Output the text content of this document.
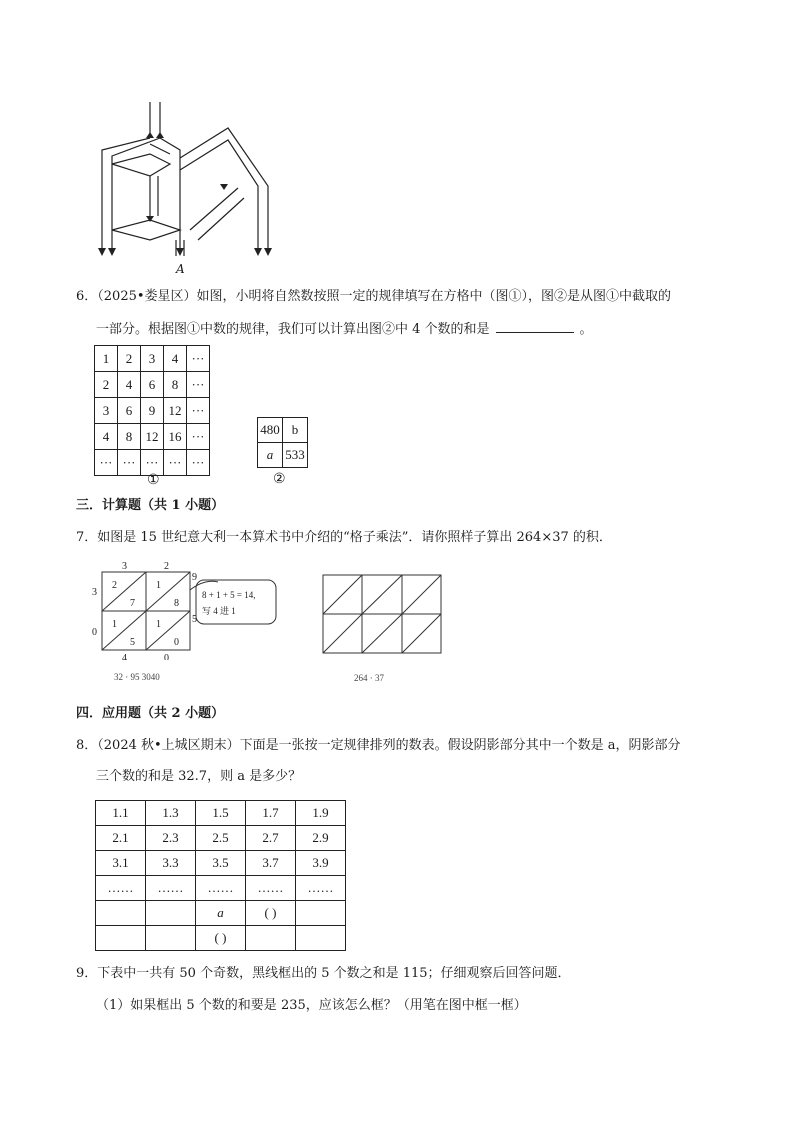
A
6．（2025•娄星区）如图，小明将自然数按照一定的规律填写在方格中（图①），图②是从图①中截取的
一部分。根据图①中数的规律，我们可以计算出图②中 4 个数的和是	。
1	2	3	4	···
2	4	6	8	···
3	6	9	12	···
4	8	12	16	···
···	···	···	···	···
①
480	b
a	533
②
三．计算题（共 1 小题）
7．如图是 15 世纪意大利一本算术书中介绍的“格子乘法”．请你照样子算出 264×37 的积．
3	2
3
0
9
5
4	0
2
7
1
8
1
5
1
0
8 + 1 + 5 = 14,
写 4 进 1
32 · 95 3040	264 · 37
四．应用题（共 2 小题）
8．（2024 秋•上城区期末）下面是一张按一定规律排列的数表。假设阴影部分其中一个数是 a，阴影部分
三个数的和是 32.7，则 a 是多少？
1.1	1.3	1.5	1.7	1.9
2.1	2.3	2.5	2.7	2.9
3.1	3.3	3.5	3.7	3.9
……	……	……	……	……
		a	( )	
		( )		
9．下表中一共有 50 个奇数，黑线框出的 5 个数之和是 115；仔细观察后回答问题．
（1）如果框出 5 个数的和要是 235，应该怎么框？（用笔在图中框一框）
